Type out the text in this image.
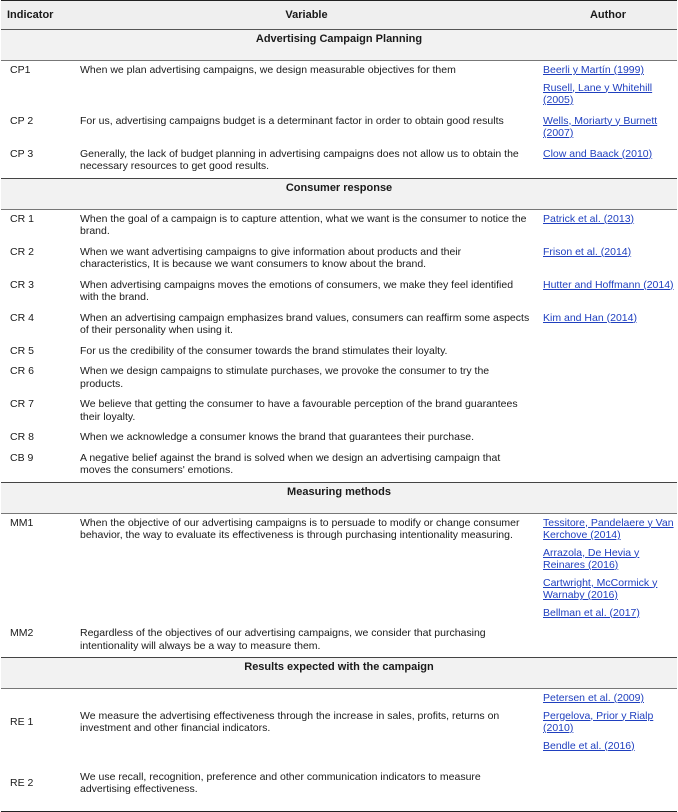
Indicator	Variable	Author
Advertising Campaign Planning		
CP1	When we plan advertising campaigns, we design measurable objectives for them	Beerli y Martín (1999)
Rusell, Lane y Whitehill (2005)

CP 2	For us, advertising campaigns budget is a determinant factor in order to obtain good results	Wells, Moriarty y Burnett (2007)

CP 3	Generally, the lack of budget planning in advertising campaigns does not allow us to obtain the necessary resources to get good results.	Clow and Baack (2010)

Consumer response		
CR 1	When the goal of a campaign is to capture attention, what we want is the consumer to notice the brand.	Patrick et al. (2013)

CR 2	When we want advertising campaigns to give information about products and their characteristics, It is because we want consumers to know about the brand.	Frison et al. (2014)

CR 3	When advertising campaigns moves the emotions of consumers, we make they feel identified with the brand.	Hutter and Hoffmann (2014)

CR 4	When an advertising campaign emphasizes brand values, consumers can reaffirm some aspects of their personality when using it.	Kim and Han (2014)

CR 5	For us the credibility of the consumer towards the brand stimulates their loyalty.	
CR 6	When we design campaigns to stimulate purchases, we provoke the consumer to try the products.	
CR 7	We believe that getting the consumer to have a favourable perception of the brand guarantees their loyalty.	
CR 8	When we acknowledge a consumer knows the brand that guarantees their purchase.	
CB 9	A negative belief against the brand is solved when we design an advertising campaign that moves the consumers' emotions.	
Measuring methods		
MM1	When the objective of our advertising campaigns is to persuade to modify or change consumer behavior, the way to evaluate its effectiveness is through purchasing intentionality measuring.	Tessitore, Pandelaere y Van Kerchove (2014)
Arrazola, De Hevia y Reinares (2016)
Cartwright, McCormick y Warnaby (2016)
Bellman et al. (2017)

MM2	Regardless of the objectives of our advertising campaigns, we consider that purchasing intentionality will always be a way to measure them.	
Results expected with the campaign		
RE 1	We measure the advertising effectiveness through the increase in sales, profits, returns on investment and other financial indicators.	Petersen et al. (2009)
Pergelova, Prior y Rialp (2010)
Bendle et al. (2016)

RE 2	We use recall, recognition, preference and other communication indicators to measure advertising effectiveness.	
